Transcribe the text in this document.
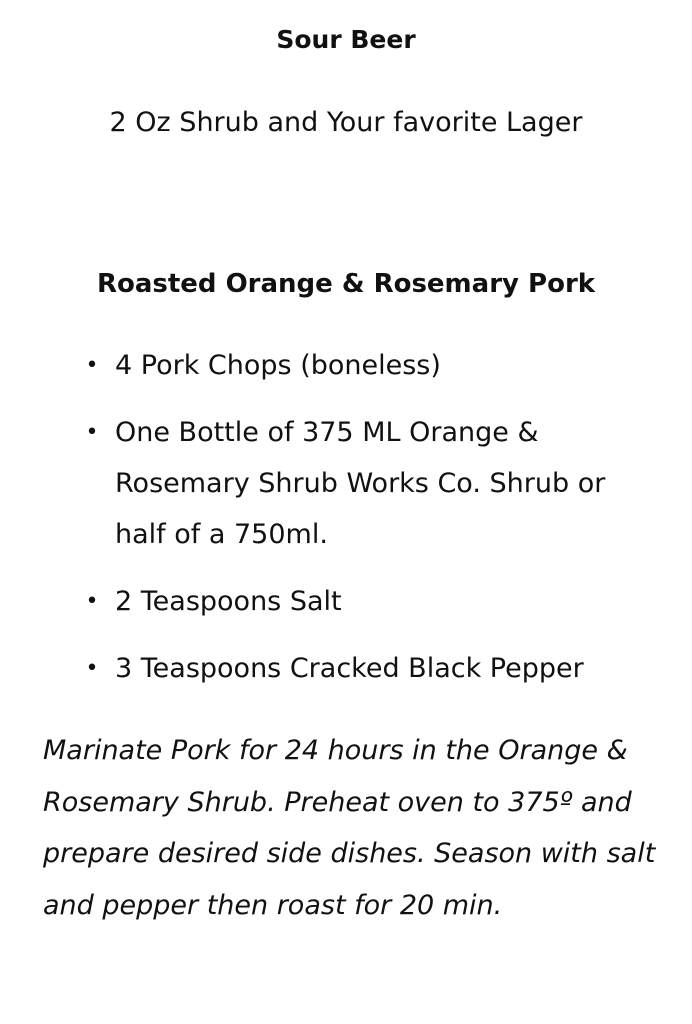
Sour Beer

2 Oz Shrub and Your favorite Lager

Roasted Orange & Rosemary Pork
• 4 Pork Chops (boneless)
• One Bottle of 375 ML Orange & Rosemary Shrub Works Co. Shrub or half of a 750ml.
• 2 Teaspoons Salt
• 3 Teaspoons Cracked Black Pepper

Marinate Pork for 24 hours in the Orange & Rosemary Shrub. Preheat oven to 375º and prepare desired side dishes. Season with salt and pepper then roast for 20 min.
